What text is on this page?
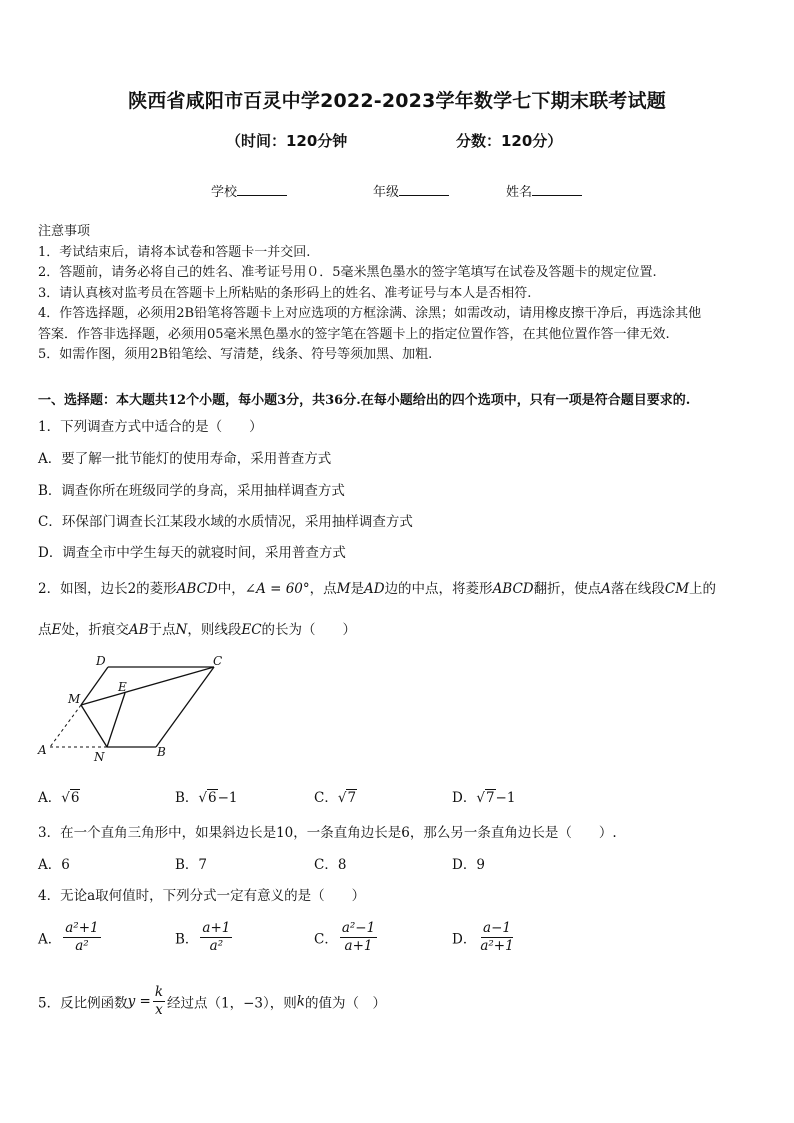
陕西省咸阳市百灵中学2022-2023学年数学七下期末联考试题
（时间：120分钟	分数：120分）
学校	年级	姓名
注意事项
1．考试结束后，请将本试卷和答题卡一并交回.
2．答题前，请务必将自己的姓名、准考证号用０．5毫米黑色墨水的签字笔填写在试卷及答题卡的规定位置.
3．请认真核对监考员在答题卡上所粘贴的条形码上的姓名、准考证号与本人是否相符.
4．作答选择题，必须用2B铅笔将答题卡上对应选项的方框涂满、涂黑；如需改动，请用橡皮擦干净后，再选涂其他
答案．作答非选择题，必须用05毫米黑色墨水的签字笔在答题卡上的指定位置作答，在其他位置作答一律无效.
5．如需作图，须用2B铅笔绘、写清楚，线条、符号等须加黑、加粗.
一、选择题：本大题共12个小题，每小题3分，共36分.在每小题给出的四个选项中，只有一项是符合题目要求的.
1．下列调查方式中适合的是（　　）
A．要了解一批节能灯的使用寿命，采用普查方式
B．调查你所在班级同学的身高，采用抽样调查方式
C．环保部门调查长江某段水域的水质情况，采用抽样调查方式
D．调查全市中学生每天的就寝时间，采用普查方式
2．如图，边长2的菱形ABCD中，∠A = 60°，点M是AD边的中点，将菱形ABCD翻折，使点A落在线段CM上的
点E处，折痕交AB于点N，则线段EC的长为（　　）
D	C
M
E
A	N	B
A．√6	B．√6−1	C．√7	D．√7−1
3．在一个直角三角形中，如果斜边长是10，一条直角边长是6，那么另一条直角边长是（　　）.
A．6	B．7	C．8	D．9
4．无论a取何值时，下列分式一定有意义的是（　　）
A． $\frac{\text{a²+1}}{\text{a²}}$	B． $\frac{a+1}{\text{a²}}$	C． $\frac{\text{a²−1}}{a+1}$	D． $\frac{a-1}{\text{a²+1}}$
5．反比例函数$y = \frac{k}{x}$ 经过点（1，−3），则k的值为（　）
